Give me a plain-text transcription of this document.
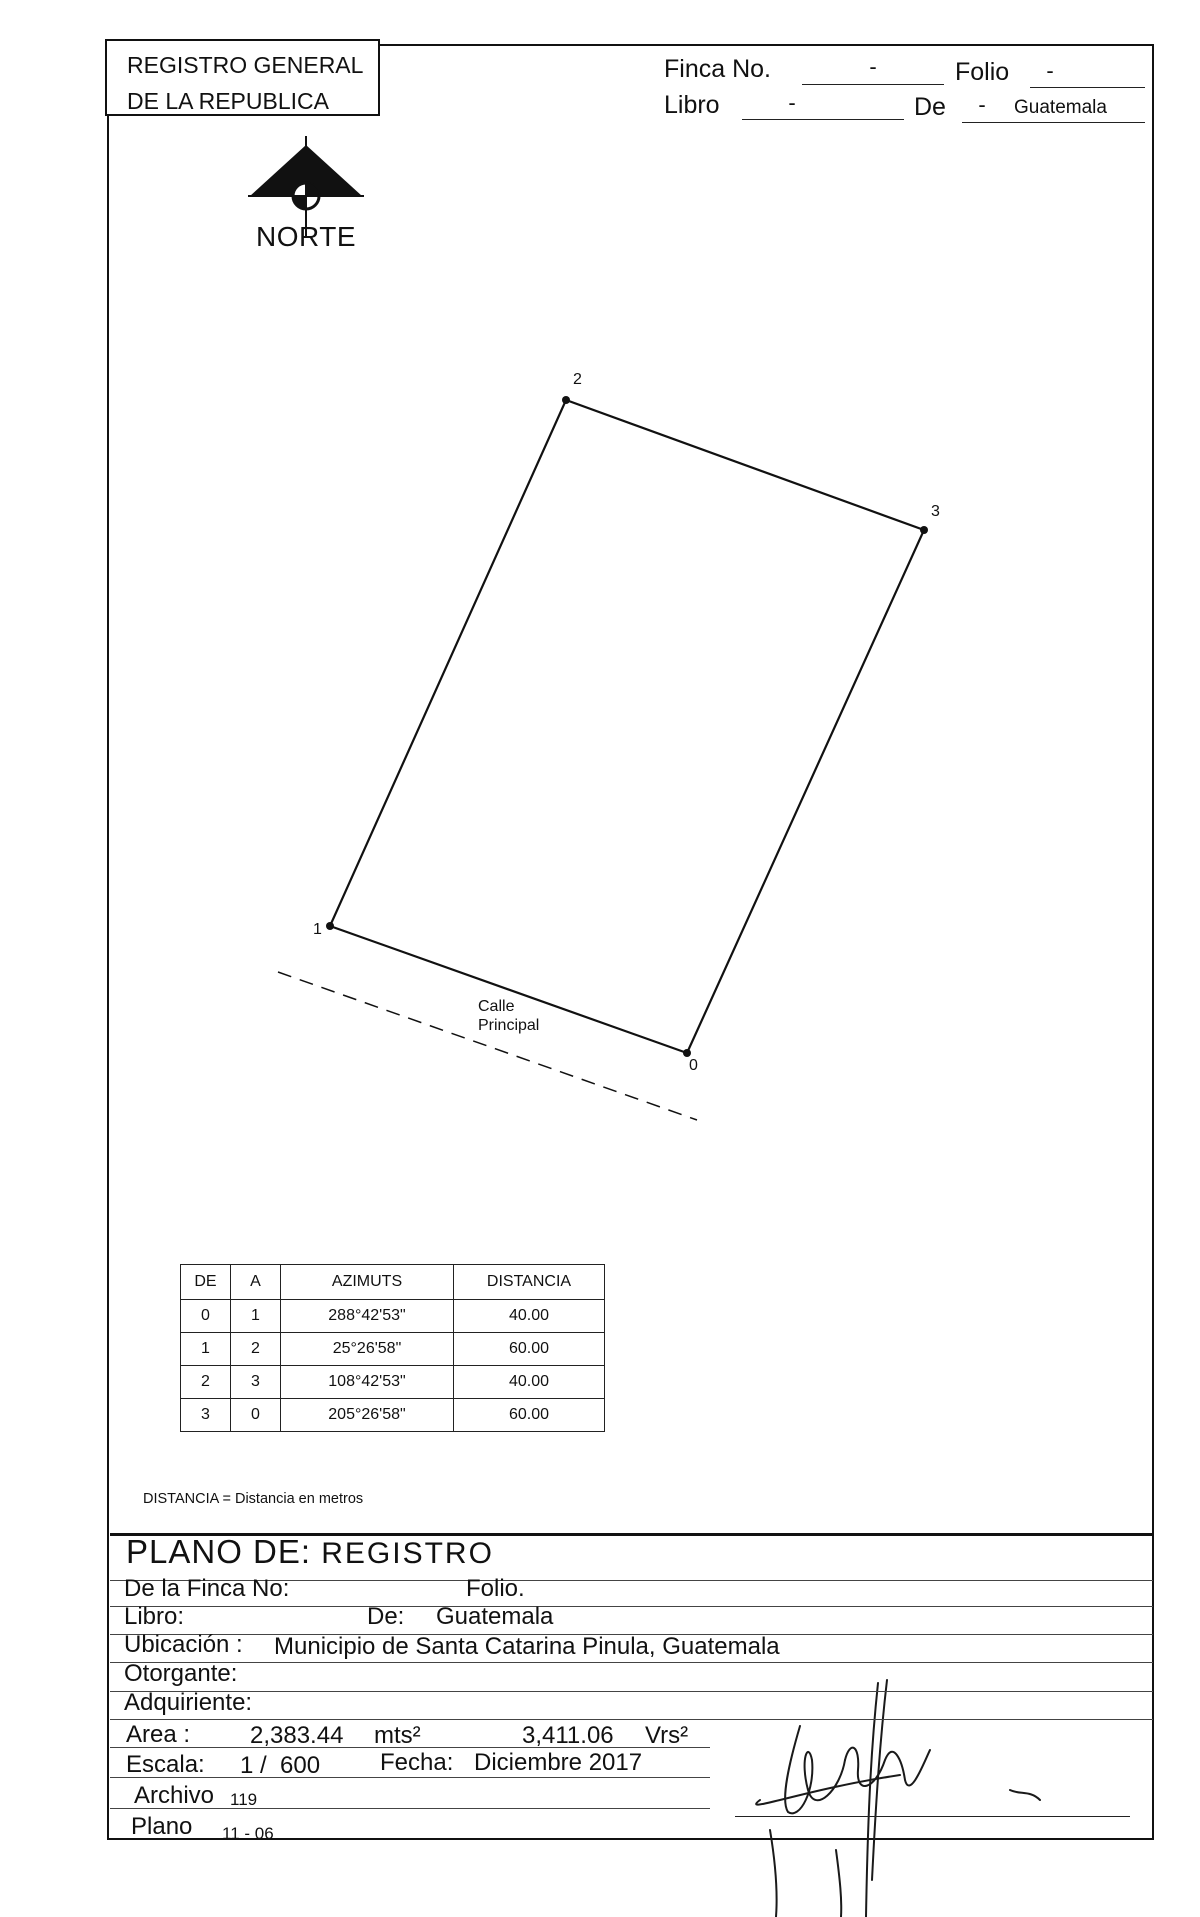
REGISTRO GENERAL
DE LA REPUBLICA
Finca No.	-	Folio	-
Libro	-	De	-	Guatemala
0
1
2
3
Calle
Principal
NORTE
DE	A	AZIMUTS	DISTANCIA
0	1	288°42'53"	40.00
1	2	25°26'58"	60.00
2	3	108°42'53"	40.00
3	0	205°26'58"	60.00
DISTANCIA = Distancia en metros
PLANO DE: REGISTRO
De la Finca No:	Folio.
Libro:	De: Guatemala
Ubicación : Municipio de Santa Catarina Pinula, Guatemala
Otorgante:
Adquiriente:
Area : 2,383.44 mts²	3,411.06 Vrs²
Escala: 1 /  600 Fecha: Diciembre 2017
Archivo 119
Plano 11 - 06
